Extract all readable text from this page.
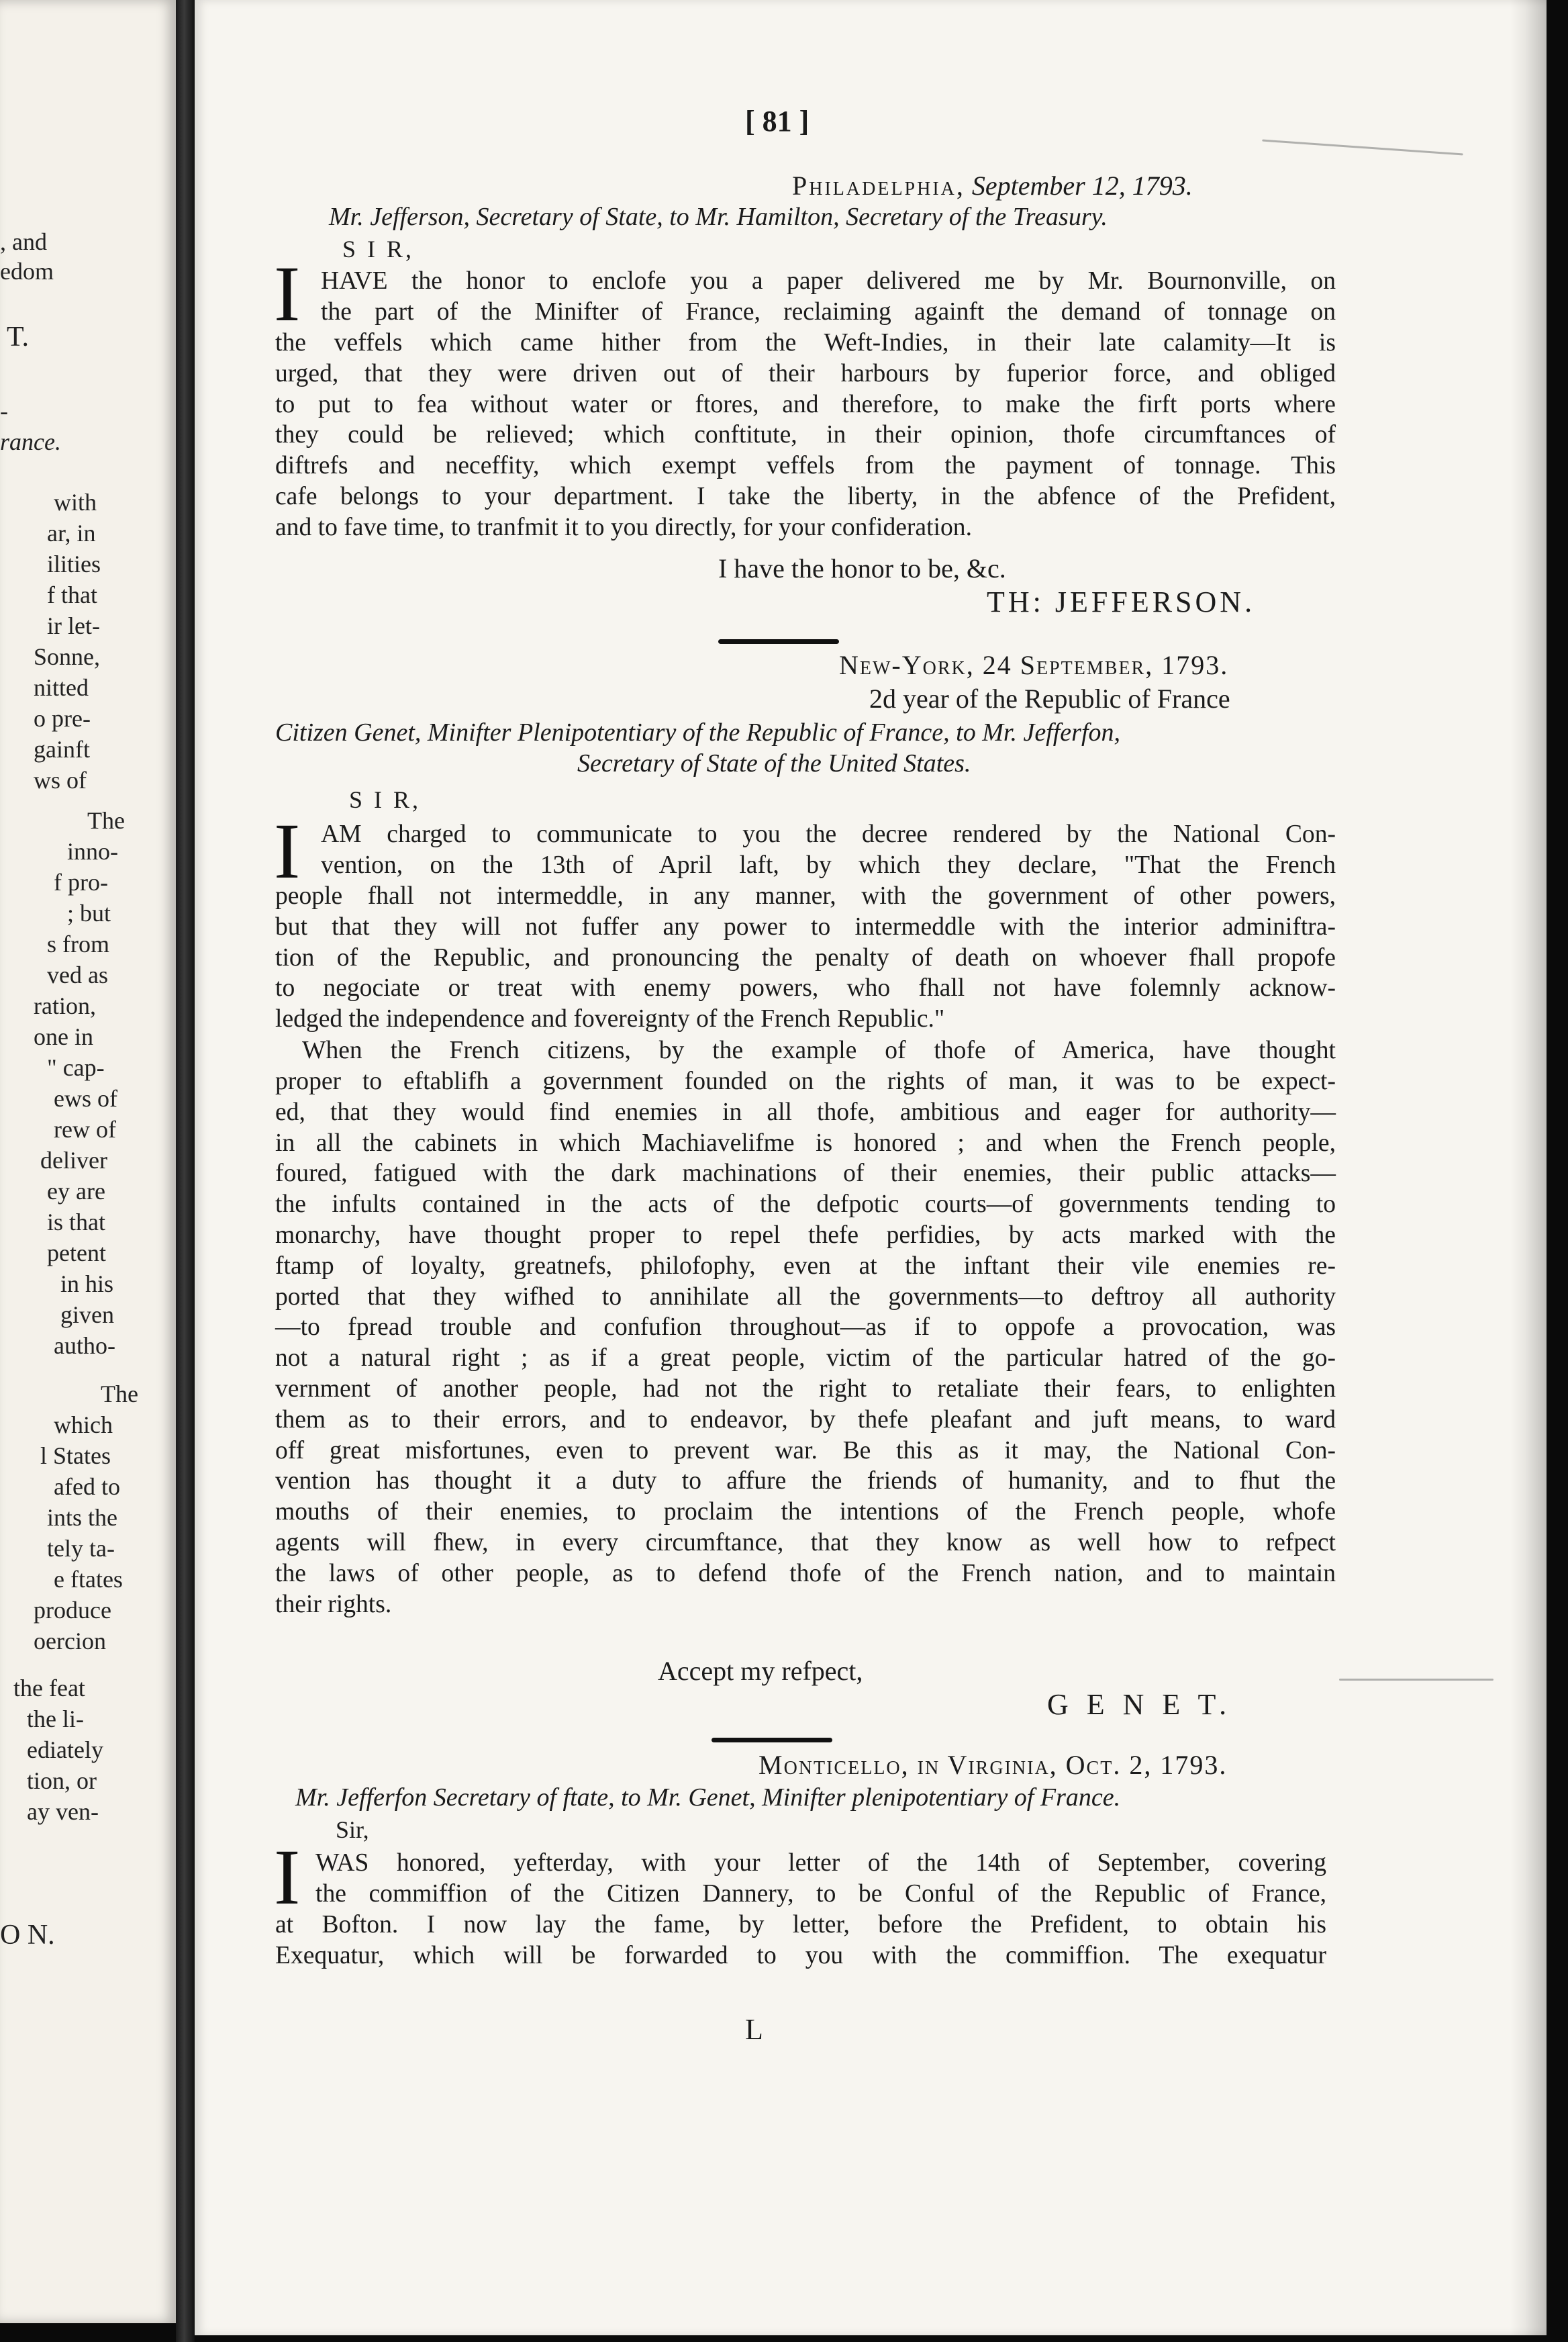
, and
edom
T.
-
rance.
with
ar, in
ilities
f that
ir let-
Sonne,
nitted
o pre-
gainft
ws of
The
inno-
f pro-
; but
s from
ved as
ration,
one in
" cap-
ews of
rew of
deliver
ey are
is that
petent
in his
given
autho-
The
which
l States
afed to
ints the
tely ta-
e ftates
produce
oercion
the feat
the li-
ediately
tion, or
ay ven-
O N.
[ 81 ]
Philadelphia, September 12, 1793.
Mr. Jefferson, Secretary of State, to Mr. Hamilton, Secretary of the Treasury.
S I R,
I HAVE the honor to enclofe you a paper delivered me by Mr. Bournonville, on
the part of the Minifter of France, reclaiming againft the demand of tonnage on
the veffels which came hither from the Weft-Indies, in their late calamity—It is
urged, that they were driven out of their harbours by fuperior force, and obliged
to put to fea without water or ftores, and therefore, to make the firft ports where
they could be relieved; which conftitute, in their opinion, thofe circumftances of
diftrefs and neceffity, which exempt veffels from the payment of tonnage. This
cafe belongs to your department. I take the liberty, in the abfence of the Prefident,
and to fave time, to tranfmit it to you directly, for your confideration.
I have the honor to be, &c.
TH: JEFFERSON.
New-York, 24 September, 1793.
2d year of the Republic of France
Citizen Genet, Minifter Plenipotentiary of the Republic of France, to Mr. Jefferfon,
Secretary of State of the United States.
S I R,
I AM charged to communicate to you the decree rendered by the National Con-
vention, on the 13th of April laft, by which they declare, "That the French
people fhall not intermeddle, in any manner, with the government of other powers,
but that they will not fuffer any power to intermeddle with the interior adminiftra-
tion of the Republic, and pronouncing the penalty of death on whoever fhall propofe
to negociate or treat with enemy powers, who fhall not have folemnly acknow-
ledged the independence and fovereignty of the French Republic."
When the French citizens, by the example of thofe of America, have thought
proper to eftablifh a government founded on the rights of man, it was to be expect-
ed, that they would find enemies in all thofe, ambitious and eager for authority—
in all the cabinets in which Machiavelifme is honored ; and when the French people,
foured, fatigued with the dark machinations of their enemies, their public attacks—
the infults contained in the acts of the defpotic courts—of governments tending to
monarchy, have thought proper to repel thefe perfidies, by acts marked with the
ftamp of loyalty, greatnefs, philofophy, even at the inftant their vile enemies re-
ported that they wifhed to annihilate all the governments—to deftroy all authority
—to fpread trouble and confufion throughout—as if to oppofe a provocation, was
not a natural right ; as if a great people, victim of the particular hatred of the go-
vernment of another people, had not the right to retaliate their fears, to enlighten
them as to their errors, and to endeavor, by thefe pleafant and juft means, to ward
off great misfortunes, even to prevent war. Be this as it may, the National Con-
vention has thought it a duty to affure the friends of humanity, and to fhut the
mouths of their enemies, to proclaim the intentions of the French people, whofe
agents will fhew, in every circumftance, that they know as well how to refpect
the laws of other people, as to defend thofe of the French nation, and to maintain
their rights.
Accept my refpect,
G E N E T.
Monticello, in Virginia, Oct. 2, 1793.
Mr. Jefferfon Secretary of ftate, to Mr. Genet, Minifter plenipotentiary of France.
Sir,
I WAS honored, yefterday, with your letter of the 14th of September, covering
the commiffion of the Citizen Dannery, to be Conful of the Republic of France,
at Bofton. I now lay the fame, by letter, before the Prefident, to obtain his
Exequatur, which will be forwarded to you with the commiffion. The exequatur
L
